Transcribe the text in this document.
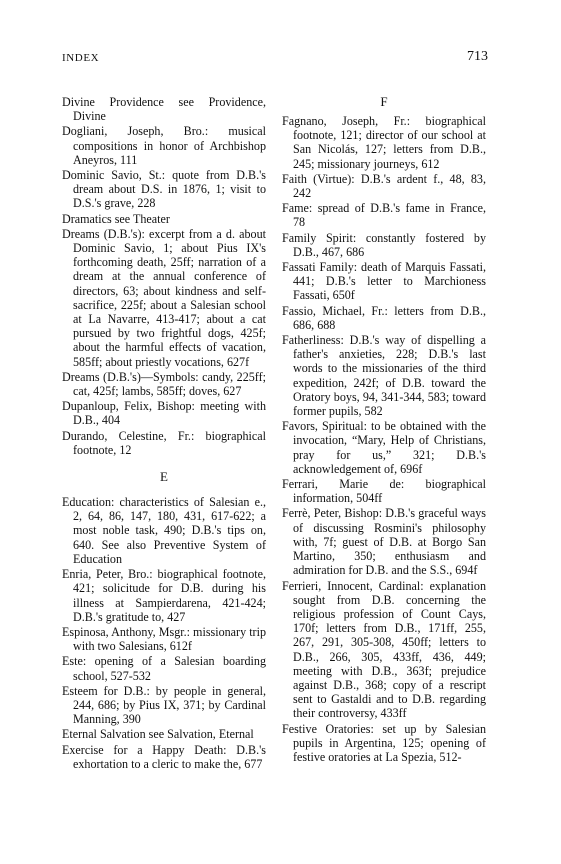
INDEX	713

Divine Providence see Providence, Divine

Dogliani, Joseph, Bro.: musical compositions in honor of Archbishop Aneyros, 111

Dominic Savio, St.: quote from D.B.'s dream about D.S. in 1876, 1; visit to D.S.'s grave, 228

Dramatics see Theater

Dreams (D.B.'s): excerpt from a d. about Dominic Savio, 1; about Pius IX's forthcoming death, 25ff; narration of a dream at the annual conference of directors, 63; about kindness and self-sacrifice, 225f; about a Salesian school at La Navarre, 413-417; about a cat pursued by two frightful dogs, 425f; about the harmful effects of vacation, 585ff; about priestly vocations, 627f

Dreams (D.B.'s)—Symbols: candy, 225ff; cat, 425f; lambs, 585ff; doves, 627

Dupanloup, Felix, Bishop: meeting with D.B., 404

Durando, Celestine, Fr.: biographical footnote, 12

E

Education: characteristics of Salesian e., 2, 64, 86, 147, 180, 431, 617-622; a most noble task, 490; D.B.'s tips on, 640. See also Preventive System of Education

Enria, Peter, Bro.: biographical footnote, 421; solicitude for D.B. during his illness at Sampierdarena, 421-424; D.B.'s gratitude to, 427

Espinosa, Anthony, Msgr.: missionary trip with two Salesians, 612f

Este: opening of a Salesian boarding school, 527-532

Esteem for D.B.: by people in general, 244, 686; by Pius IX, 371; by Cardinal Manning, 390

Eternal Salvation see Salvation, Eternal

Exercise for a Happy Death: D.B.'s exhortation to a cleric to make the, 677

F

Fagnano, Joseph, Fr.: biographical footnote, 121; director of our school at San Nicolás, 127; letters from D.B., 245; missionary journeys, 612

Faith (Virtue): D.B.'s ardent f., 48, 83, 242

Fame: spread of D.B.'s fame in France, 78

Family Spirit: constantly fostered by D.B., 467, 686

Fassati Family: death of Marquis Fassati, 441; D.B.'s letter to Marchioness Fassati, 650f

Fassio, Michael, Fr.: letters from D.B., 686, 688

Fatherliness: D.B.'s way of dispelling a father's anxieties, 228; D.B.'s last words to the missionaries of the third expedition, 242f; of D.B. toward the Oratory boys, 94, 341-344, 583; toward former pupils, 582

Favors, Spiritual: to be obtained with the invocation, “Mary, Help of Christians, pray for us,” 321; D.B.'s acknowledgement of, 696f

Ferrari, Marie de: biographical information, 504ff

Ferrè, Peter, Bishop: D.B.'s graceful ways of discussing Rosmini's philosophy with, 7f; guest of D.B. at Borgo San Martino, 350; enthusiasm and admiration for D.B. and the S.S., 694f

Ferrieri, Innocent, Cardinal: explanation sought from D.B. concerning the religious profession of Count Cays, 170f; letters from D.B., 171ff, 255, 267, 291, 305-308, 450ff; letters to D.B., 266, 305, 433ff, 436, 449; meeting with D.B., 363f; prejudice against D.B., 368; copy of a rescript sent to Gastaldi and to D.B. regarding their controversy, 433ff

Festive Oratories: set up by Salesian pupils in Argentina, 125; opening of festive oratories at La Spezia, 512-
